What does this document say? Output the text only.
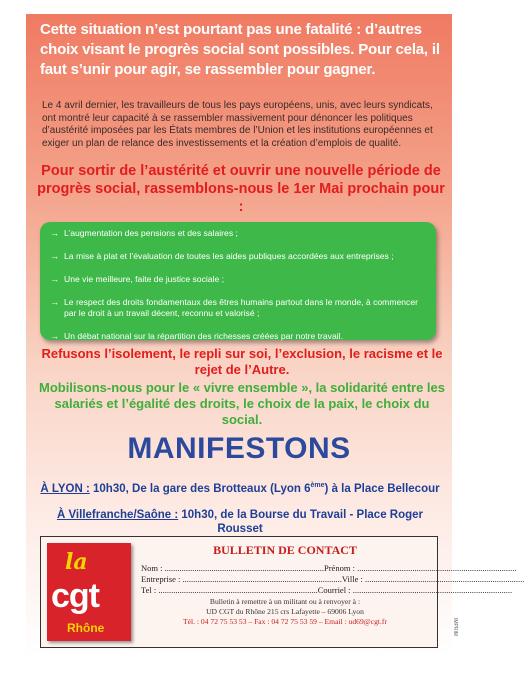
Cette situation n’est pourtant pas une fatalité : d’autres choix visant le progrès social sont possibles. Pour cela, il faut s’unir pour agir, se rassembler pour gagner.
Le 4 avril dernier, les travailleurs de tous les pays européens, unis, avec leurs syndicats, ont montré leur capacité à se rassembler massivement pour dénoncer les politiques d’austérité imposées par les États membres de l’Union et les institutions européennes et exiger un plan de relance des investissements et la création d’emplois de qualité.
Pour sortir de l’austérité et ouvrir une nouvelle période de progrès social, rassemblons-nous le 1er Mai prochain pour :
→ L’augmentation des pensions et des salaires ;
→ La mise à plat et l’évaluation de toutes les aides publiques accordées aux entreprises ;
→ Une vie meilleure, faite de justice sociale ;
→ Le respect des droits fondamentaux des êtres humains partout dans le monde, à commencer par le droit à un travail décent, reconnu et valorisé ;
→ Un débat national sur la répartition des richesses créées par notre travail.
Refusons l’isolement, le repli sur soi, l’exclusion, le racisme et le rejet de l’Autre.
Mobilisons-nous pour le « vivre ensemble », la solidarité entre les salariés et l’égalité des droits, le choix de la paix, le choix du social.
MANIFESTONS
À LYON : 10h30, De la gare des Brotteaux (Lyon 6ème) à la Place Bellecour
À Villefranche/Saône : 10h30, de la Bourse du Travail - Place Roger Rousset
la
cgt
Rhône
BULLETIN DE CONTACT
Nom : ........................................................................... Prénom : ...........................................................................
Entreprise : ........................................................................... Ville : ...........................................................................
Tel : ........................................................................... Courriel : ...........................................................................
Bulletin à remettre à un militant ou à renvoyer à :
UD CGT du Rhône 215 crs Lafayette – 69006 Lyon
Tél. : 04 72 75 53 53 – Fax : 04 72 75 53 59 – Email : ud69@cgt.fr	IMPRIM
